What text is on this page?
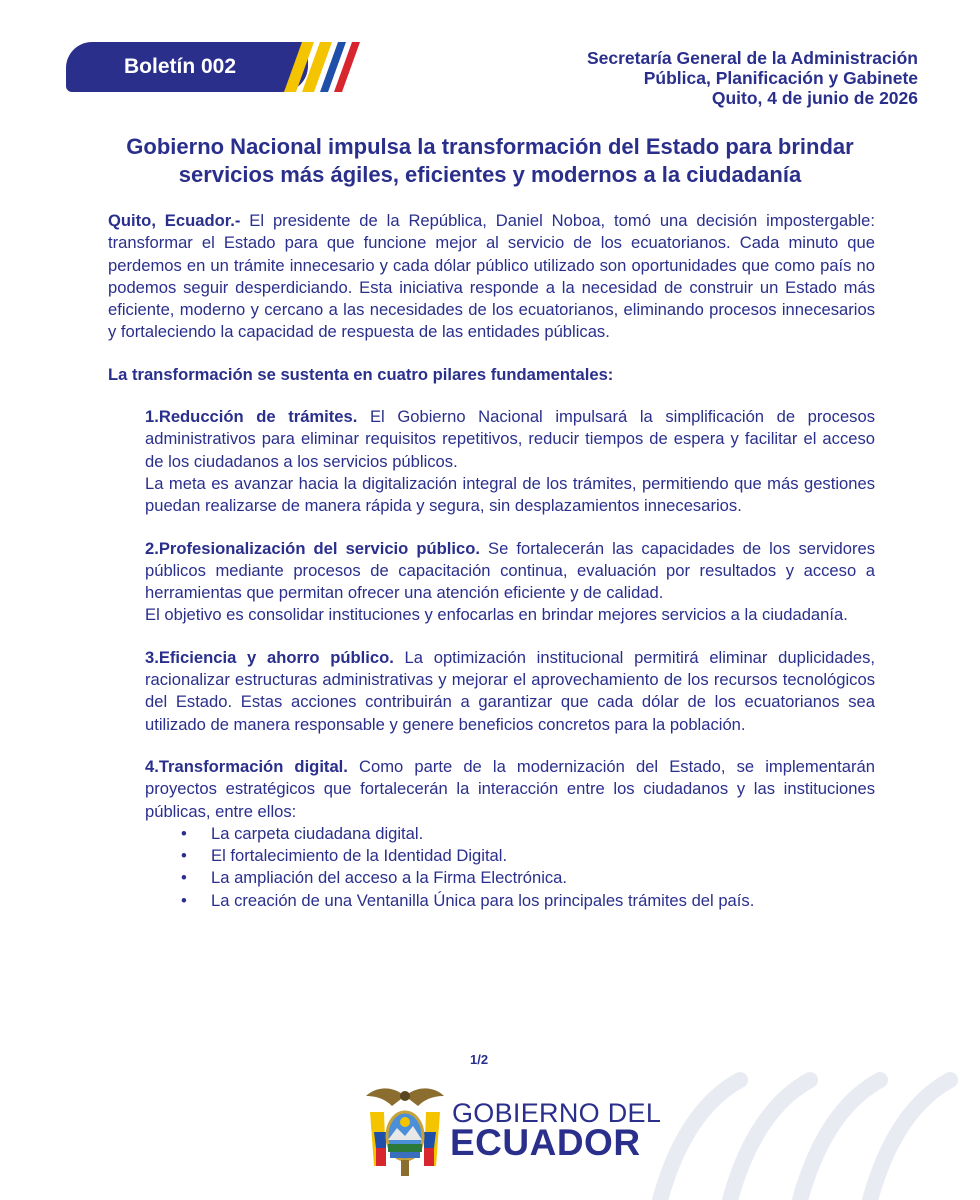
Boletín 002	Secretaría General de la Administración
Pública, Planificación y Gabinete
Quito, 4 de junio de 2026
Gobierno Nacional impulsa la transformación del Estado para brindar
servicios más ágiles, eficientes y modernos a la ciudadanía

Quito, Ecuador.- El presidente de la República, Daniel Noboa, tomó una decisión impostergable: transformar el Estado para que funcione mejor al servicio de los ecuatorianos. Cada minuto que perdemos en un trámite innecesario y cada dólar público utilizado son oportunidades que como país no podemos seguir desperdiciando. Esta iniciativa responde a la necesidad de construir un Estado más eficiente, moderno y cercano a las necesidades de los ecuatorianos, eliminando procesos innecesarios y fortaleciendo la capacidad de respuesta de las entidades públicas.

La transformación se sustenta en cuatro pilares fundamentales:

1.Reducción de trámites. El Gobierno Nacional impulsará la simplificación de procesos administrativos para eliminar requisitos repetitivos, reducir tiempos de espera y facilitar el acceso de los ciudadanos a los servicios públicos.

La meta es avanzar hacia la digitalización integral de los trámites, permitiendo que más gestiones puedan realizarse de manera rápida y segura, sin desplazamientos innecesarios.

2.Profesionalización del servicio público. Se fortalecerán las capacidades de los servidores públicos mediante procesos de capacitación continua, evaluación por resultados y acceso a herramientas que permitan ofrecer una atención eficiente y de calidad.

El objetivo es consolidar instituciones y enfocarlas en brindar mejores servicios a la ciudadanía.

3.Eficiencia y ahorro público. La optimización institucional permitirá eliminar duplicidades, racionalizar estructuras administrativas y mejorar el aprovechamiento de los recursos tecnológicos del Estado. Estas acciones contribuirán a garantizar que cada dólar de los ecuatorianos sea utilizado de manera responsable y genere beneficios concretos para la población.

4.Transformación digital. Como parte de la modernización del Estado, se implementarán proyectos estratégicos que fortalecerán la interacción entre los ciudadanos y las instituciones públicas, entre ellos:

• La carpeta ciudadana digital.
• El fortalecimiento de la Identidad Digital.
• La ampliación del acceso a la Firma Electrónica.
• La creación de una Ventanilla Única para los principales trámites del país.
1/2
GOBIERNO DEL
ECUADOR
